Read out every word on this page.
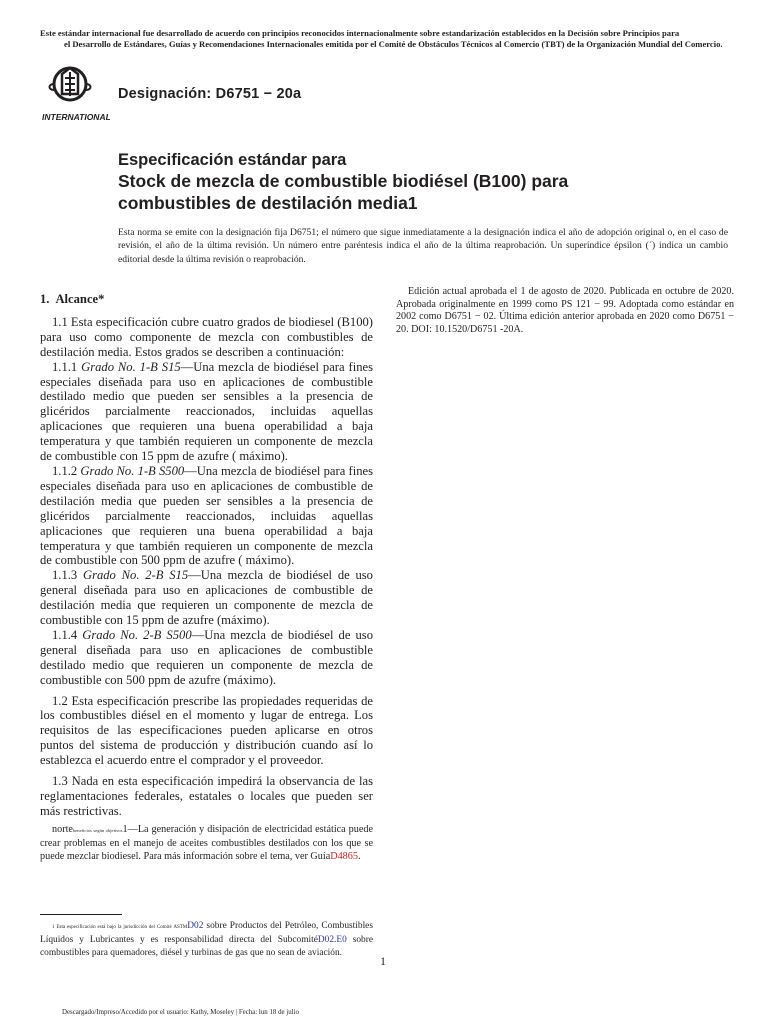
Este estándar internacional fue desarrollado de acuerdo con principios reconocidos internacionalmente sobre estandarización establecidos en la Decisión sobre Principios para
el Desarrollo de Estándares, Guías y Recomendaciones Internacionales emitida por el Comité de Obstáculos Técnicos al Comercio (TBT) de la Organización Mundial del Comercio.
INTERNATIONAL
Designación: D6751 − 20a
Especificación estándar para
Stock de mezcla de combustible biodiésel (B100) para
combustibles de destilación media1
Esta norma se emite con la designación fija D6751; el número que sigue inmediatamente a la designación indica el año de adopción original o, en el caso de revisión, el año de la última revisión. Un número entre paréntesis indica el año de la última reaprobación. Un superíndice épsilon (´) indica un cambio editorial desde la última revisión o reaprobación.

1. Alcance*

1.1 Esta especificación cubre cuatro grados de biodiesel (B100) para uso como componente de mezcla con combustibles de destilación media. Estos grados se describen a continuación:

1.1.1 Grado No. 1-B S15—Una mezcla de biodiésel para fines especiales diseñada para uso en aplicaciones de combustible destilado medio que pueden ser sensibles a la presencia de glicéridos parcialmente reaccionados, incluidas aquellas aplicaciones que requieren una buena operabilidad a baja temperatura y que también requieren un componente de mezcla de combustible con 15 ppm de azufre ( máximo).

1.1.2 Grado No. 1-B S500—Una mezcla de biodiésel para fines especiales diseñada para uso en aplicaciones de combustible de destilación media que pueden ser sensibles a la presencia de glicéridos parcialmente reaccionados, incluidas aquellas aplicaciones que requieren una buena operabilidad a baja temperatura y que también requieren un componente de mezcla de combustible con 500 ppm de azufre ( máximo).

1.1.3 Grado No. 2-B S15—Una mezcla de biodiésel de uso general diseñada para uso en aplicaciones de combustible de destilación media que requieren un componente de mezcla de combustible con 15 ppm de azufre (máximo).

1.1.4 Grado No. 2-B S500—Una mezcla de biodiésel de uso general diseñada para uso en aplicaciones de combustible destilado medio que requieren un componente de mezcla de combustible con 500 ppm de azufre (máximo).

1.2 Esta especificación prescribe las propiedades requeridas de los combustibles diésel en el momento y lugar de entrega. Los requisitos de las especificaciones pueden aplicarse en otros puntos del sistema de producción y distribución cuando así lo establezca el acuerdo entre el comprador y el proveedor.

1.3 Nada en esta especificación impedirá la observancia de las reglamentaciones federales, estatales o locales que pueden ser más restrictivas.

nortebeneficios según objetivos1—La generación y disipación de electricidad estática puede crear problemas en el manejo de aceites combustibles destilados con los que se puede mezclar biodiesel. Para más información sobre el tema, ver GuíaD4865.

Edición actual aprobada el 1 de agosto de 2020. Publicada en octubre de 2020. Aprobada originalmente en 1999 como PS 121 − 99. Adoptada como estándar en 2002 como D6751 − 02. Última edición anterior aprobada en 2020 como D6751 − 20. DOI: 10.1520/D6751 -20A.
1 Esta especificación está bajo la jurisdicción del Comité ASTMD02 sobre Productos del Petróleo, Combustibles Líquidos y Lubricantes y es responsabilidad directa del SubcomitéD02.E0 sobre combustibles para quemadores, diésel y turbinas de gas que no sean de aviación.
1
Descargado/Impreso/Accedido por el usuario: Kathy, Moseley | Fecha: lun 18 de julio
